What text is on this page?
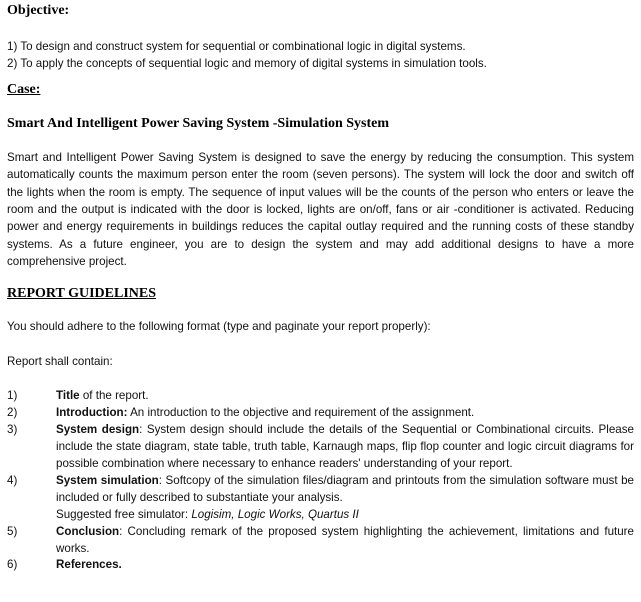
Objective:
1) To design and construct system for sequential or combinational logic in digital systems.
2) To apply the concepts of sequential logic and memory of digital systems in simulation tools.
Case:
Smart And Intelligent Power Saving System -Simulation System
Smart and Intelligent Power Saving System is designed to save the energy by reducing the consumption. This system automatically counts the maximum person enter the room (seven persons). The system will lock the door and switch off the lights when the room is empty. The sequence of input values will be the counts of the person who enters or leave the room and the output is indicated with the door is locked, lights are on/off, fans or air -conditioner is activated. Reducing power and energy requirements in buildings reduces the capital outlay required and the running costs of these standby systems. As a future engineer, you are to design the system and may add additional designs to have a more comprehensive project.
REPORT GUIDELINES
You should adhere to the following format (type and paginate your report properly):
Report shall contain:
1)	Title of the report.
2)	Introduction: An introduction to the objective and requirement of the assignment.
3)	System design: System design should include the details of the Sequential or Combinational circuits. Please include the state diagram, state table, truth table, Karnaugh maps, flip flop counter and logic circuit diagrams for possible combination where necessary to enhance readers' understanding of your report.
4)	System simulation: Softcopy of the simulation files/diagram and printouts from the simulation software must be included or fully described to substantiate your analysis.
Suggested free simulator: Logisim, Logic Works, Quartus II
5)	Conclusion: Concluding remark of the proposed system highlighting the achievement, limitations and future works.
6)	References.
